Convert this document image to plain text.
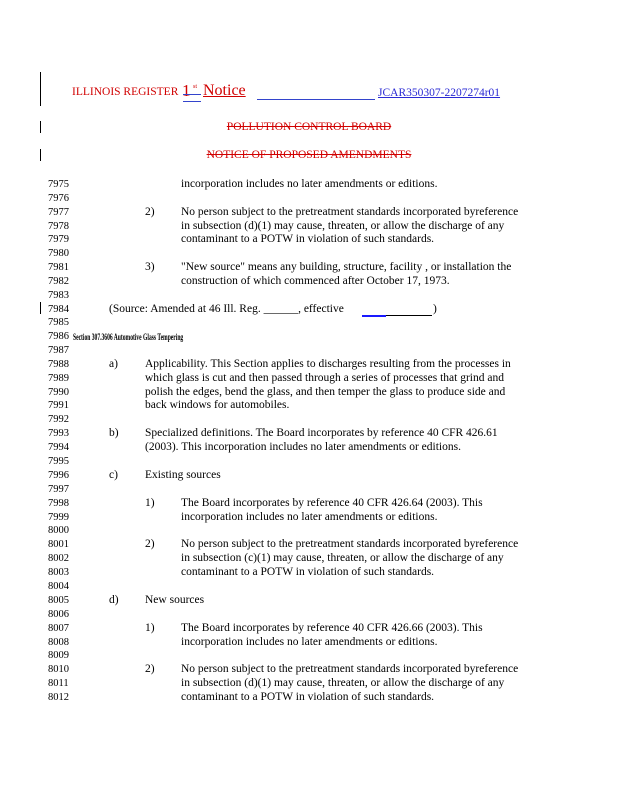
ILLINOIS REGISTER 1 st Notice	JCAR350307-2207274r01
POLLUTION CONTROL BOARD
NOTICE OF PROPOSED AMENDMENTS
7975	incorporation includes no later amendments or editions.
7976
7977	2) No person subject to the pretreatment standards incorporated byreference
7978	in subsection (d)(1) may cause, threaten, or allow the discharge of any
7979	contaminant to a POTW in violation of such standards.
7980
7981	3) "New source" means any building, structure, facility , or installation the
7982	construction of which commenced after October 17, 1973.
7983
7984	(Source: Amended at 46 Ill. Reg. ______, effective	)
7985
7986 Section 307.3606 Automotive Glass Tempering
7987
7988	a) Applicability. This Section applies to discharges resulting from the processes in
7989	which glass is cut and then passed through a series of processes that grind and
7990	polish the edges, bend the glass, and then temper the glass to produce side and
7991	back windows for automobiles.
7992
7993	b) Specialized definitions. The Board incorporates by reference 40 CFR 426.61
7994	(2003). This incorporation includes no later amendments or editions.
7995
7996	c) Existing sources
7997
7998	1) The Board incorporates by reference 40 CFR 426.64 (2003). This
7999	incorporation includes no later amendments or editions.
8000
8001	2) No person subject to the pretreatment standards incorporated byreference
8002	in subsection (c)(1) may cause, threaten, or allow the discharge of any
8003	contaminant to a POTW in violation of such standards.
8004
8005	d) New sources
8006
8007	1) The Board incorporates by reference 40 CFR 426.66 (2003). This
8008	incorporation includes no later amendments or editions.
8009
8010	2) No person subject to the pretreatment standards incorporated byreference
8011	in subsection (d)(1) may cause, threaten, or allow the discharge of any
8012	contaminant to a POTW in violation of such standards.
